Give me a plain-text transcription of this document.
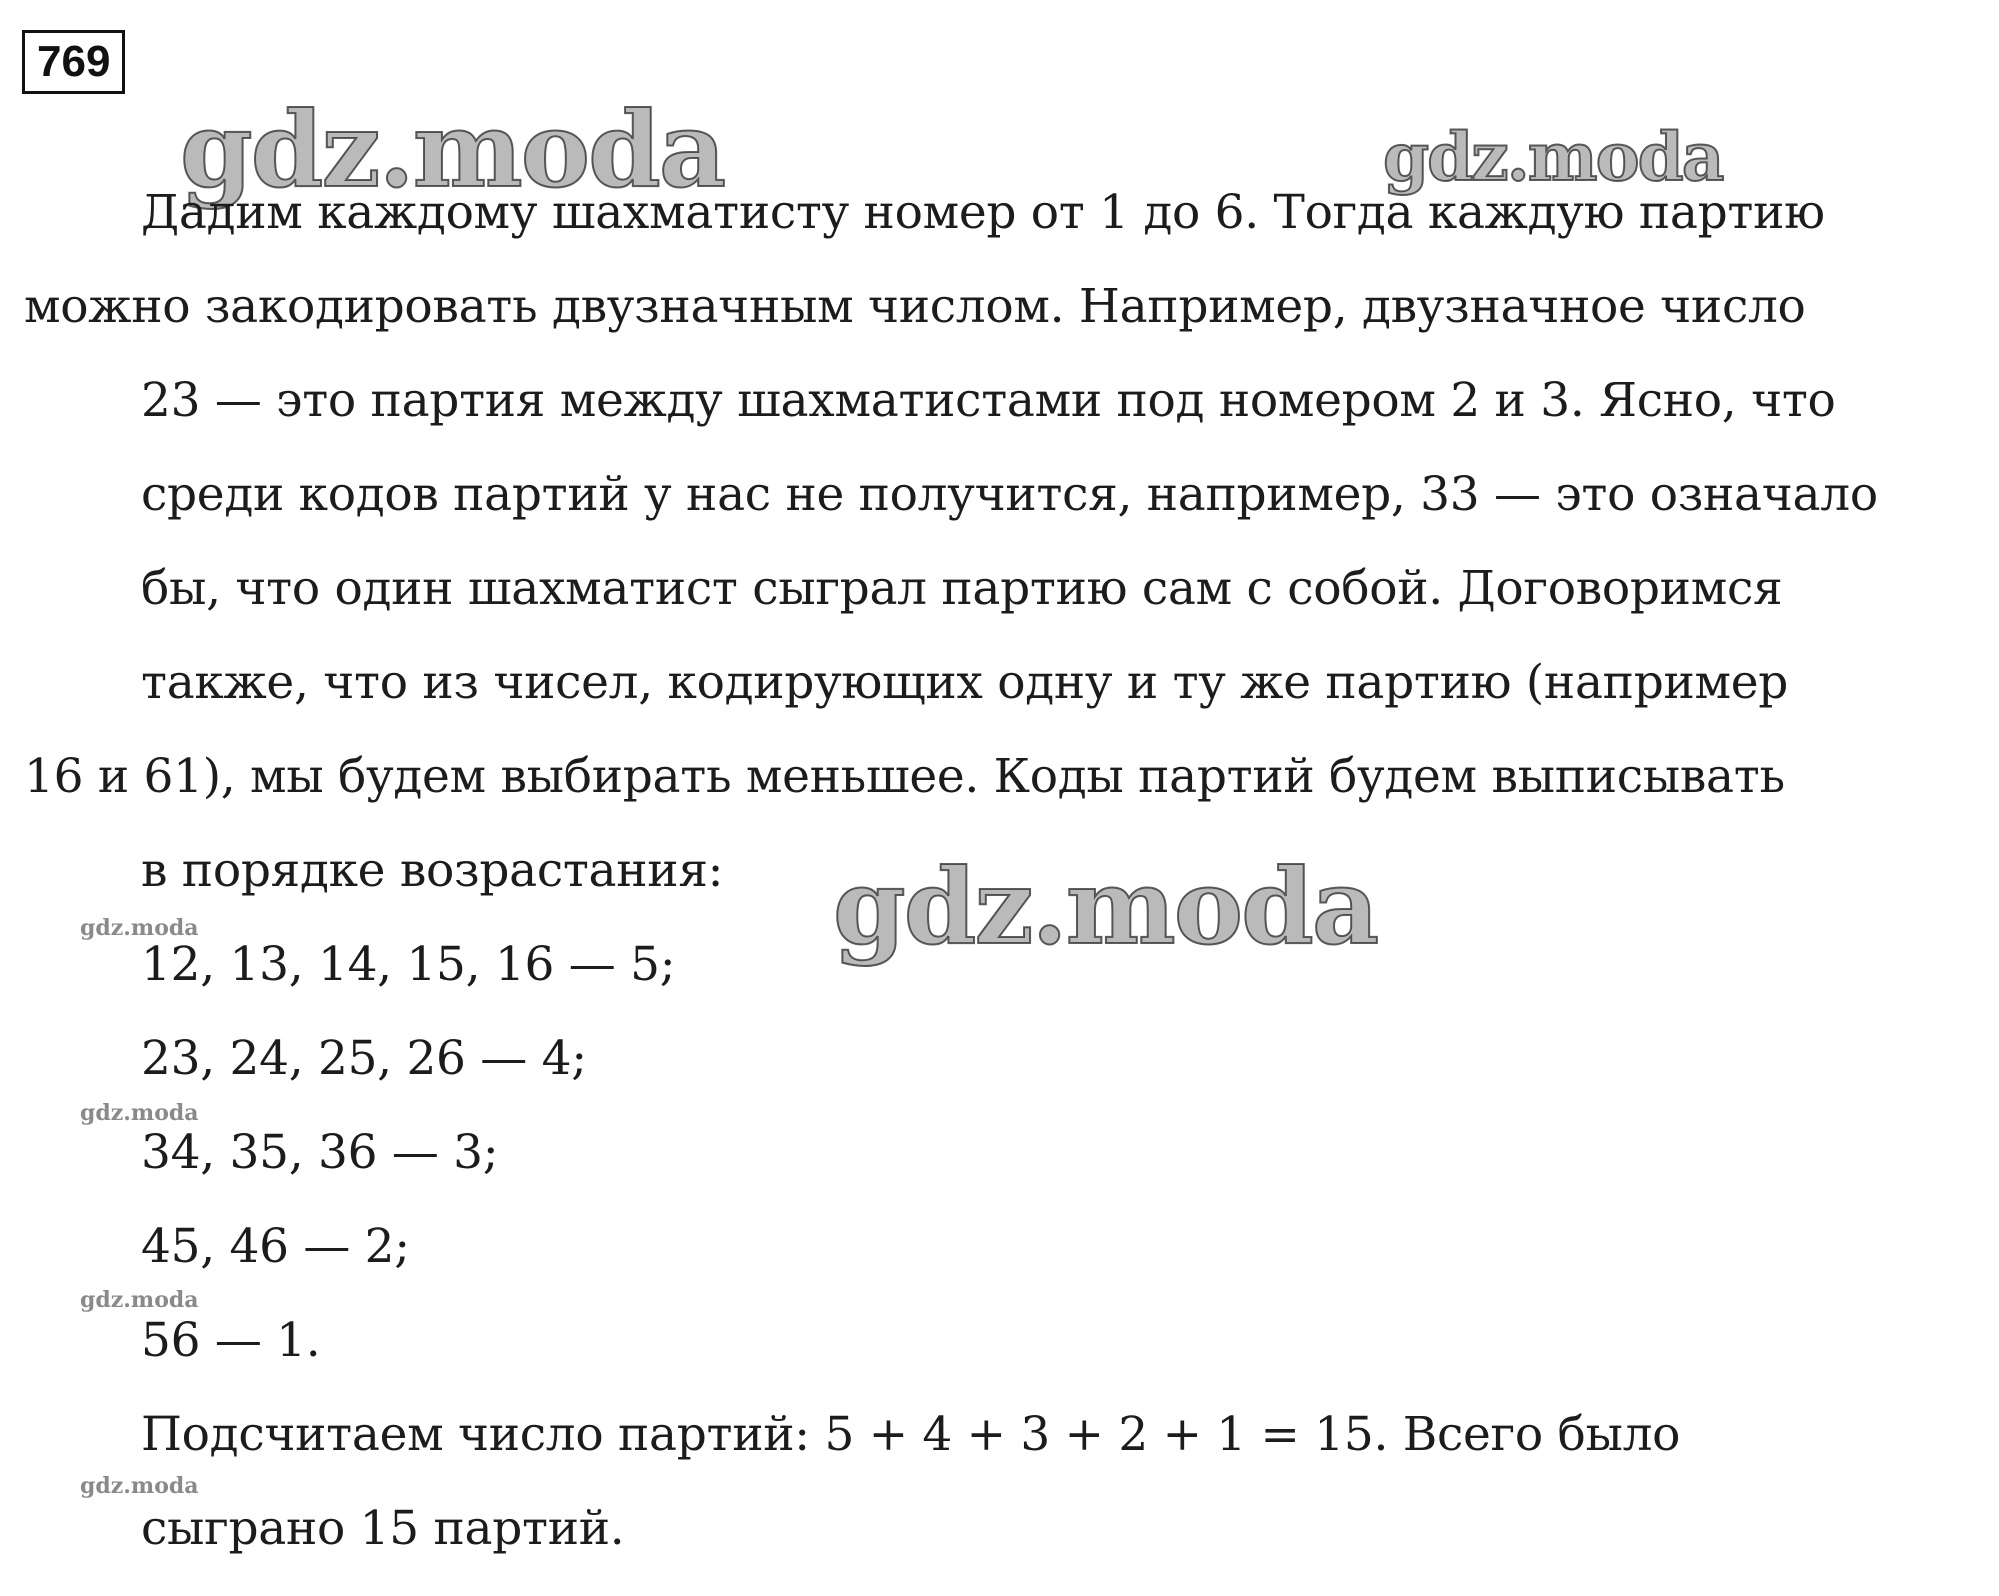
769
gdz.moda	gdz.moda
gdz.moda
gdz.moda
gdz.moda
gdz.moda
gdz.moda
Дадим каждому шахматисту номер от 1 до 6. Тогда каждую партию
можно закодировать двузначным числом. Например, двузначное число
23 — это партия между шахматистами под номером 2 и 3. Ясно, что
среди кодов партий у нас не получится, например, 33 — это означало
бы, что один шахматист сыграл партию сам с собой. Договоримся
также, что из чисел, кодирующих одну и ту же партию (например
16 и 61), мы будем выбирать меньшее. Коды партий будем выписывать
в порядке возрастания:
12, 13, 14, 15, 16 — 5;
23, 24, 25, 26 — 4;
34, 35, 36 — 3;
45, 46 — 2;
56 — 1.
Подсчитаем число партий: 5 + 4 + 3 + 2 + 1 = 15. Всего было
сыграно 15 партий.
